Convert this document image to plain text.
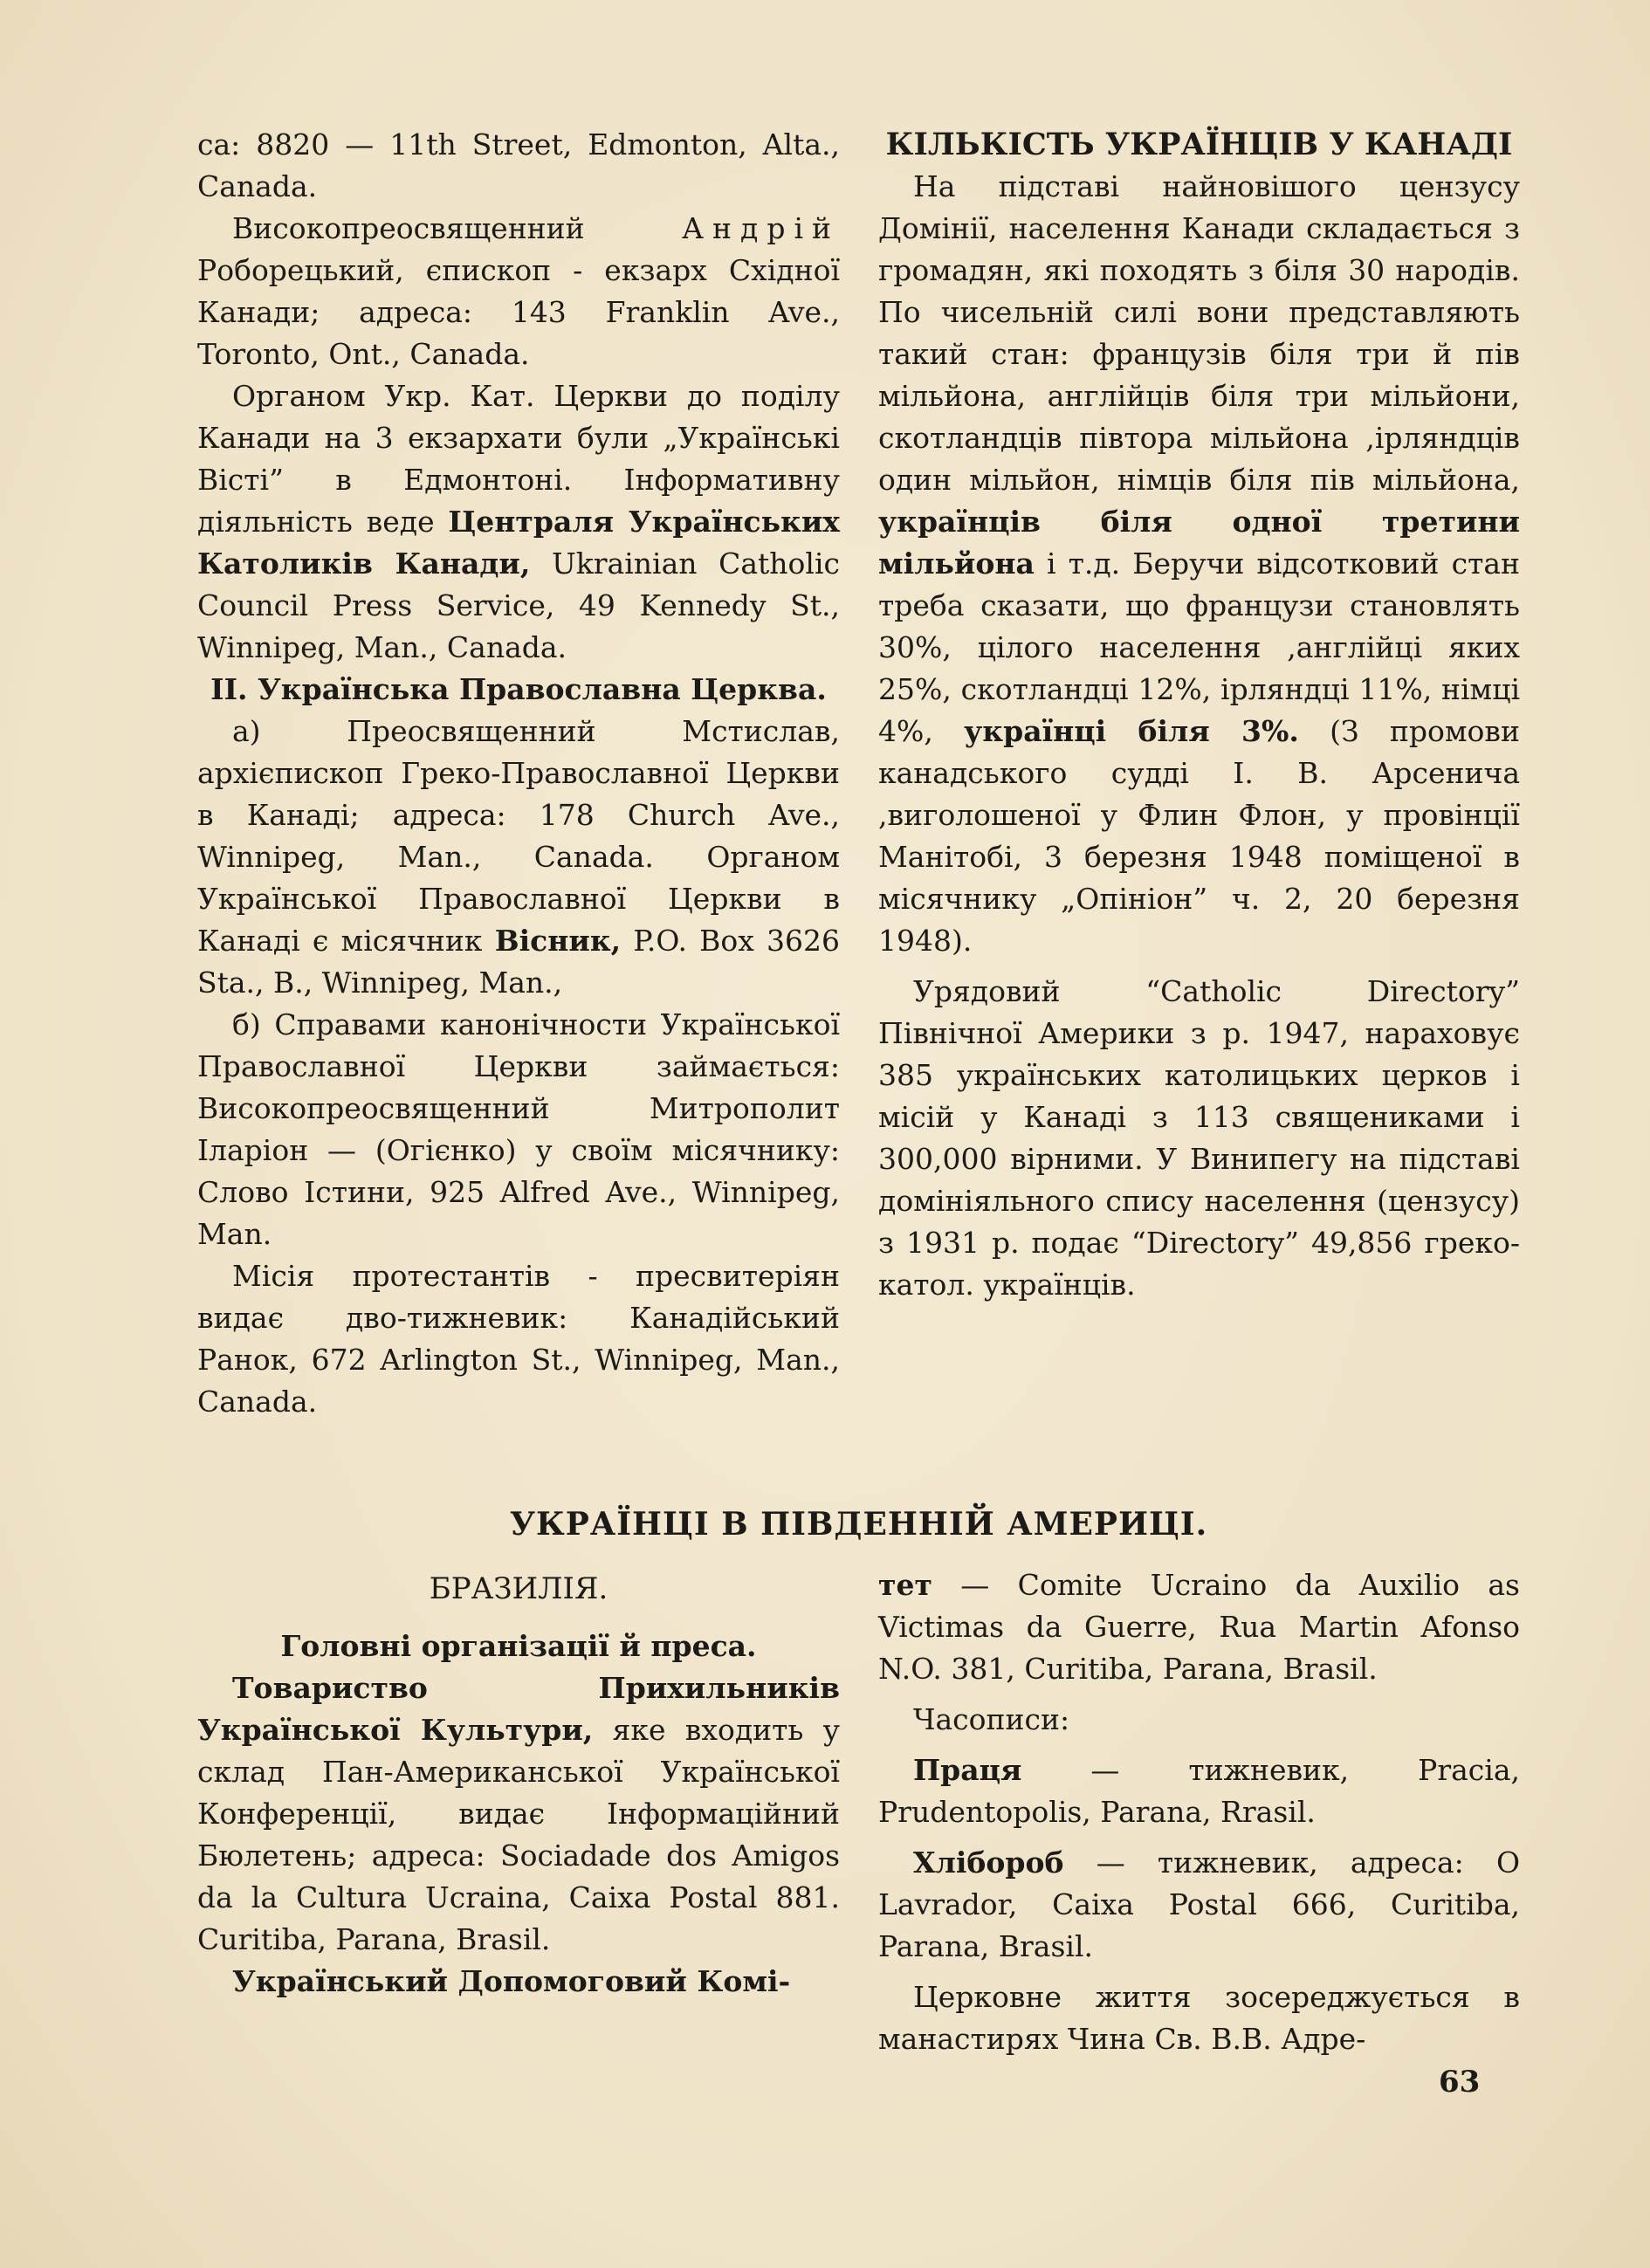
са: 8820 — 11th Street, Edmonton, Alta., Canada.

Високопреосвященний	Андрій Роборецький, єпископ - екзарх Східної Канади; адреса: 143 Franklin Ave., Toronto, Ont., Canada.

Органом Укр. Кат. Церкви до поділу Канади на 3 екзархати були „Українські Вісті” в Едмонтоні. Інформативну діяльність веде Централя Українських Католиків Канади, Ukrainian Catholic Council Press Service, 49 Kennedy St., Winnipeg, Man., Canada.

II. Українська Православна Церква.

а) Преосвященний Мстислав, архієпископ Греко-Православної Церкви в Канаді; адреса: 178 Church Ave., Winnipeg, Man., Canada. Органом Української Православної Церкви в Канаді є місячник Вісник, P.O. Box 3626 Sta., B., Winnipeg, Man.,

б) Справами канонічности Української Православної Церкви займається: Високопреосвященний Митрополит Іларіон — (Огієнко) у своїм місячнику: Слово Істини, 925 Alfred Ave., Winnipeg, Man.

Місія протестантів - пресвитеріян видає дво-тижневик: Канадійський Ранок, 672 Arlington St., Winnipeg, Man., Canada.

КІЛЬКІСТЬ УКРАЇНЦІВ У КАНАДІ

На підставі найновішого цензусу Домінії, населення Канади складається з громадян, які походять з біля 30 народів. По чисельній силі вони представляють такий стан: французів біля три й пів мільйона, англійців біля три мільйони, скотландців півтора мільйона ,ірляндців один мільйон, німців біля пів мільйона, українців біля одної третини мільйона і т.д. Беручи відсотковий стан треба сказати, що французи становлять 30%, цілого населення ,англійці яких 25%, скотландці 12%, ірляндці 11%, німці 4%, українці біля 3%. (З промови канадського судді І. В. Арсенича ,виголошеної у Флин Флон, у провінції Манітобі, 3 березня 1948 поміщеної в місячнику „Опініон” ч. 2, 20 березня 1948).

Урядовий “Catholic Directory” Північної Америки з р. 1947, нараховує 385 українських католицьких церков і місій у Канаді з 113 священиками і 300,000 вірними. У Винипегу на підставі домініяльного спису населення (цензусу) з 1931 р. подає “Directory” 49,856 греко-катол. українців.

УКРАЇНЦІ В ПІВДЕННІЙ АМЕРИЦІ.

БРАЗИЛІЯ.

Головні організації й преса.

Товариство Прихильників Української Культури, яке входить у склад Пан-Американської Української Конференції, видає Інформаційний Бюлетень; адреса: Sociadade dos Amigos da la Cultura Ucraina, Caixa Postal 881. Curitiba, Parana, Brasil.

Український Допомоговий Комі-

тет — Comite Ucraino da Auxilio as Victimas da Guerre, Rua Martin Afonso N.O. 381, Curitiba, Parana, Brasil.

Часописи:

Праця — тижневик, Pracia, Prudentopolis, Parana, Rrasil.

Хлібороб — тижневик, адреса: O Lavrador, Caixa Postal 666, Curitiba, Parana, Brasil.

Церковне життя зосереджується в манастирях Чина Св. В.В. Адре-

63
